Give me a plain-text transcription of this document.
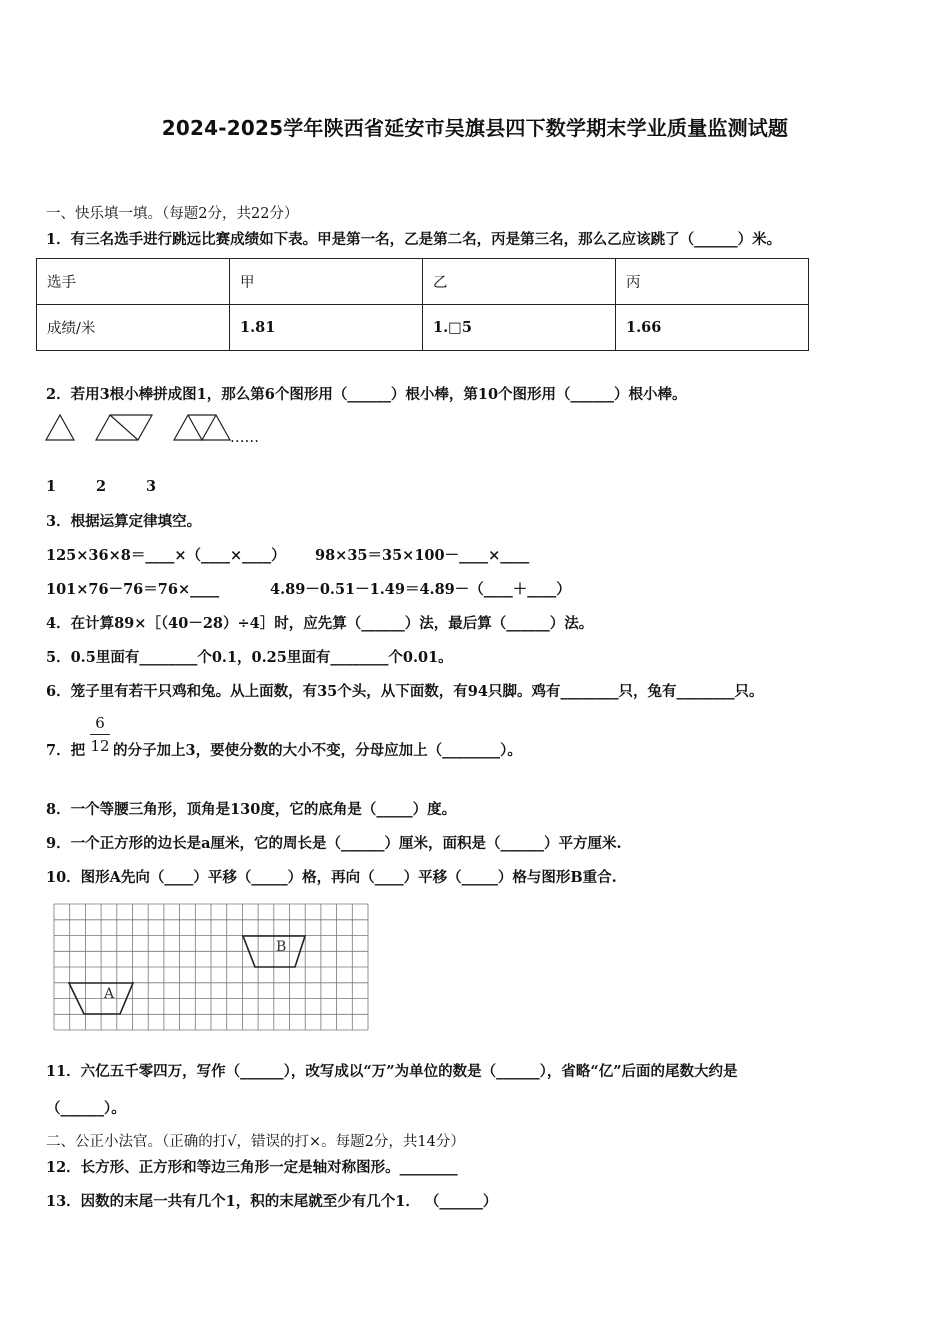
2024-2025学年陕西省延安市吴旗县四下数学期末学业质量监测试题
一、快乐填一填。（每题2分，共22分）
1．有三名选手进行跳远比赛成绩如下表。甲是第一名，乙是第二名，丙是第三名，那么乙应该跳了（______）米。
选手	甲	乙	丙
成绩/米	1.81	1.□5	1.66
2．若用3根小棒拼成图1，那么第6个图形用（______）根小棒，第10个图形用（______）根小棒。
……
1	2	3
3．根据运算定律填空。
125×36×8＝____×（____×____） 98×35＝35×100－____×____
101×76－76＝76×____	4.89－0.51－1.49＝4.89－（____＋____）
4．在计算89×［（40－28）÷4］时，应先算（______）法，最后算（______）法。
5．0.5里面有________个0.1，0.25里面有________个0.01。
6．笼子里有若干只鸡和兔。从上面数，有35个头，从下面数，有94只脚。鸡有________只，兔有________只。
7．把
6
12 的分子加上3，要使分数的大小不变，分母应加上（________）。
8．一个等腰三角形，顶角是130度，它的底角是（_____）度。
9．一个正方形的边长是a厘米，它的周长是（______）厘米，面积是（______）平方厘米.
10．图形A先向（____）平移（_____）格，再向（____）平移（_____）格与图形B重合.
B
A
11．六亿五千零四万，写作（______），改写成以“万”为单位的数是（______），省略“亿”后面的尾数大约是
（______）。
二、公正小法官。（正确的打√，错误的打×。每题2分，共14分）
12．长方形、正方形和等边三角形一定是轴对称图形。________
13．因数的末尾一共有几个1，积的末尾就至少有几个1． （______）
